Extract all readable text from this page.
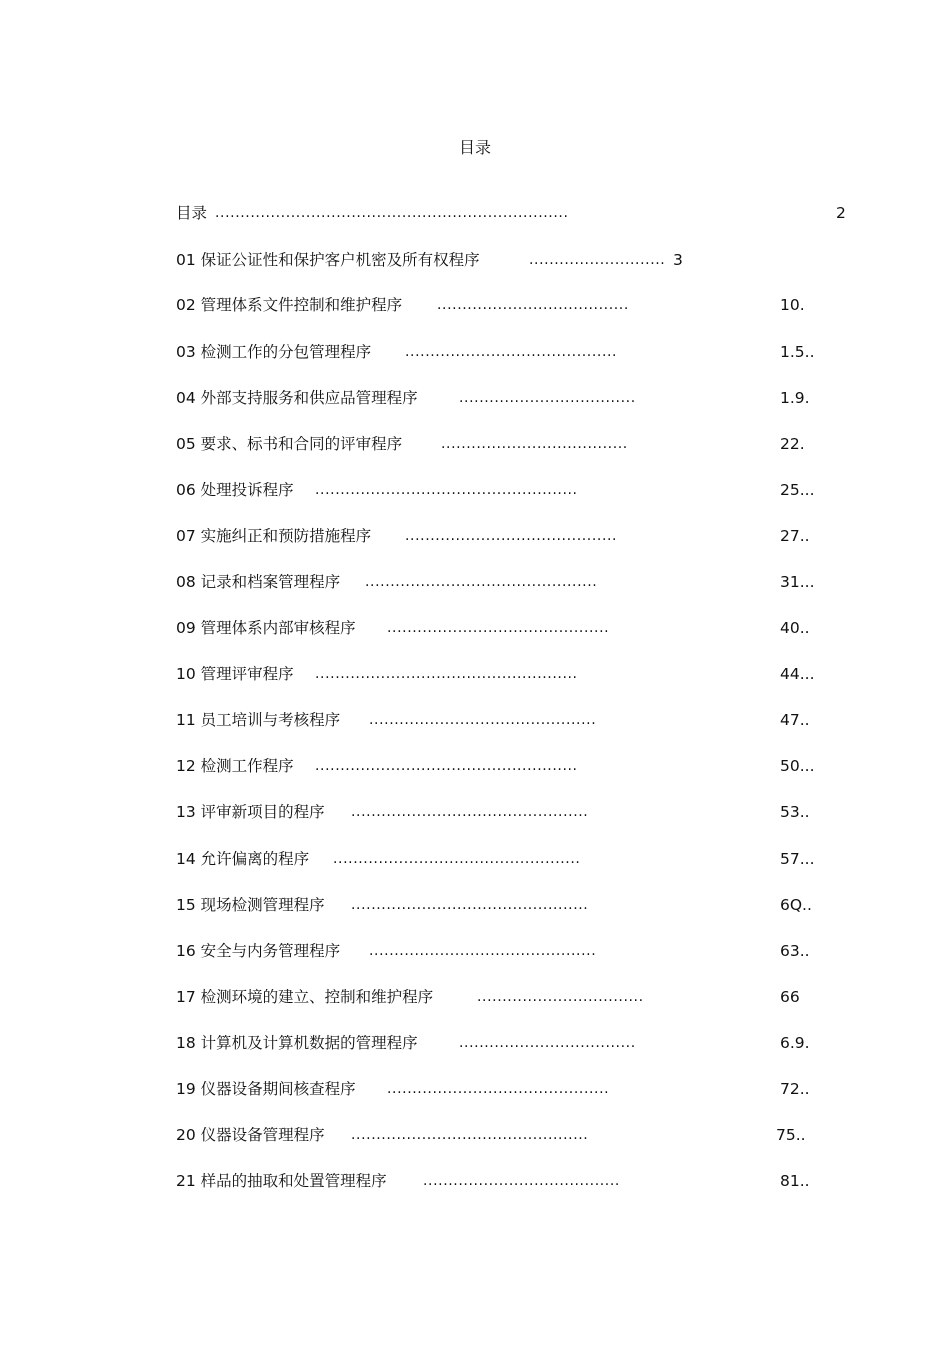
目录
目录 ......................................................................	2
01 保证公证性和保护客户机密及所有权程序	........................... 3
02 管理体系文件控制和维护程序 ......................................	10.
03 检测工作的分包管理程序 ..........................................	1.5..
04 外部支持服务和供应品管理程序	...................................	1.9.
05 要求、标书和合同的评审程序	.....................................	22.
06 处理投诉程序 ....................................................	25...
07 实施纠正和预防措施程序 ..........................................	27..
08 记录和档案管理程序 ..............................................	31...
09 管理体系内部审核程序 ............................................	40..
10 管理评审程序 ....................................................	44...
11 员工培训与考核程序 .............................................	47..
12 检测工作程序 ....................................................	50...
13 评审新项目的程序 ...............................................	53..
14 允许偏离的程序 .................................................	57...
15 现场检测管理程序 ...............................................	6Q..
16 安全与内务管理程序 .............................................	63..
17 检测环境的建立、控制和维护程序	.................................	66
18 计算机及计算机数据的管理程序	...................................	6.9.
19 仪器设备期间核查程序 ............................................	72..
20 仪器设备管理程序 ...............................................	75..
21 样品的抽取和处置管理程序	.......................................	81..
